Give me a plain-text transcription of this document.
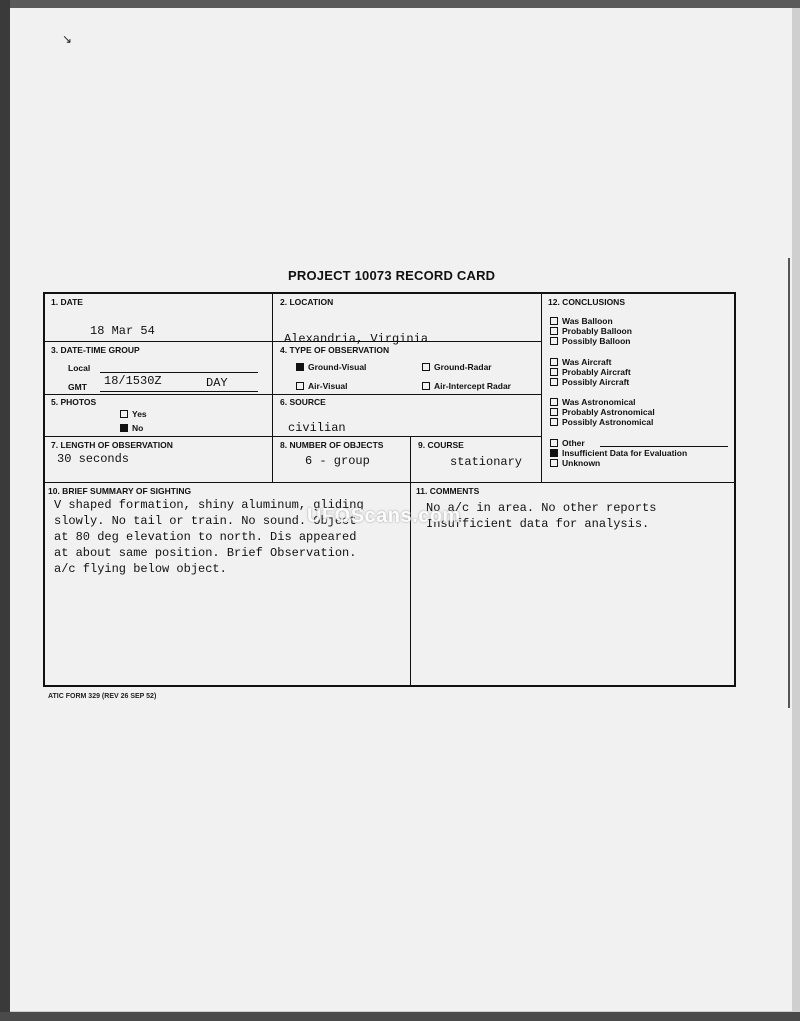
↘
PROJECT 10073 RECORD CARD
1. DATE
18 Mar 54
2. LOCATION
Alexandria, Virginia
3. DATE-TIME GROUP
Local
GMT 18/1530Z	DAY
4. TYPE OF OBSERVATION
Ground-Visual	Ground-Radar
Air-Visual	Air-Intercept Radar
5. PHOTOS
Yes
No
6. SOURCE
civilian
7. LENGTH OF OBSERVATION
30 seconds
8. NUMBER OF OBJECTS
6 - group
9. COURSE
stationary
12. CONCLUSIONS
Was Balloon
Probably Balloon
Possibly Balloon
Was Aircraft
Probably Aircraft
Possibly Aircraft
Was Astronomical
Probably Astronomical
Possibly Astronomical
Other
Insufficient Data for Evaluation
Unknown
10. BRIEF SUMMARY OF SIGHTING
V shaped formation, shiny aluminum, gliding
slowly. No tail or train. No sound. Object
at 80 deg elevation to north. Dis appeared
at about same position. Brief Observation.
a/c flying below object.
11. COMMENTS
No a/c in area. No other reports
Insufficient data for analysis.
UFOScans.com
ATIC FORM 329 (REV 26 SEP 52)
